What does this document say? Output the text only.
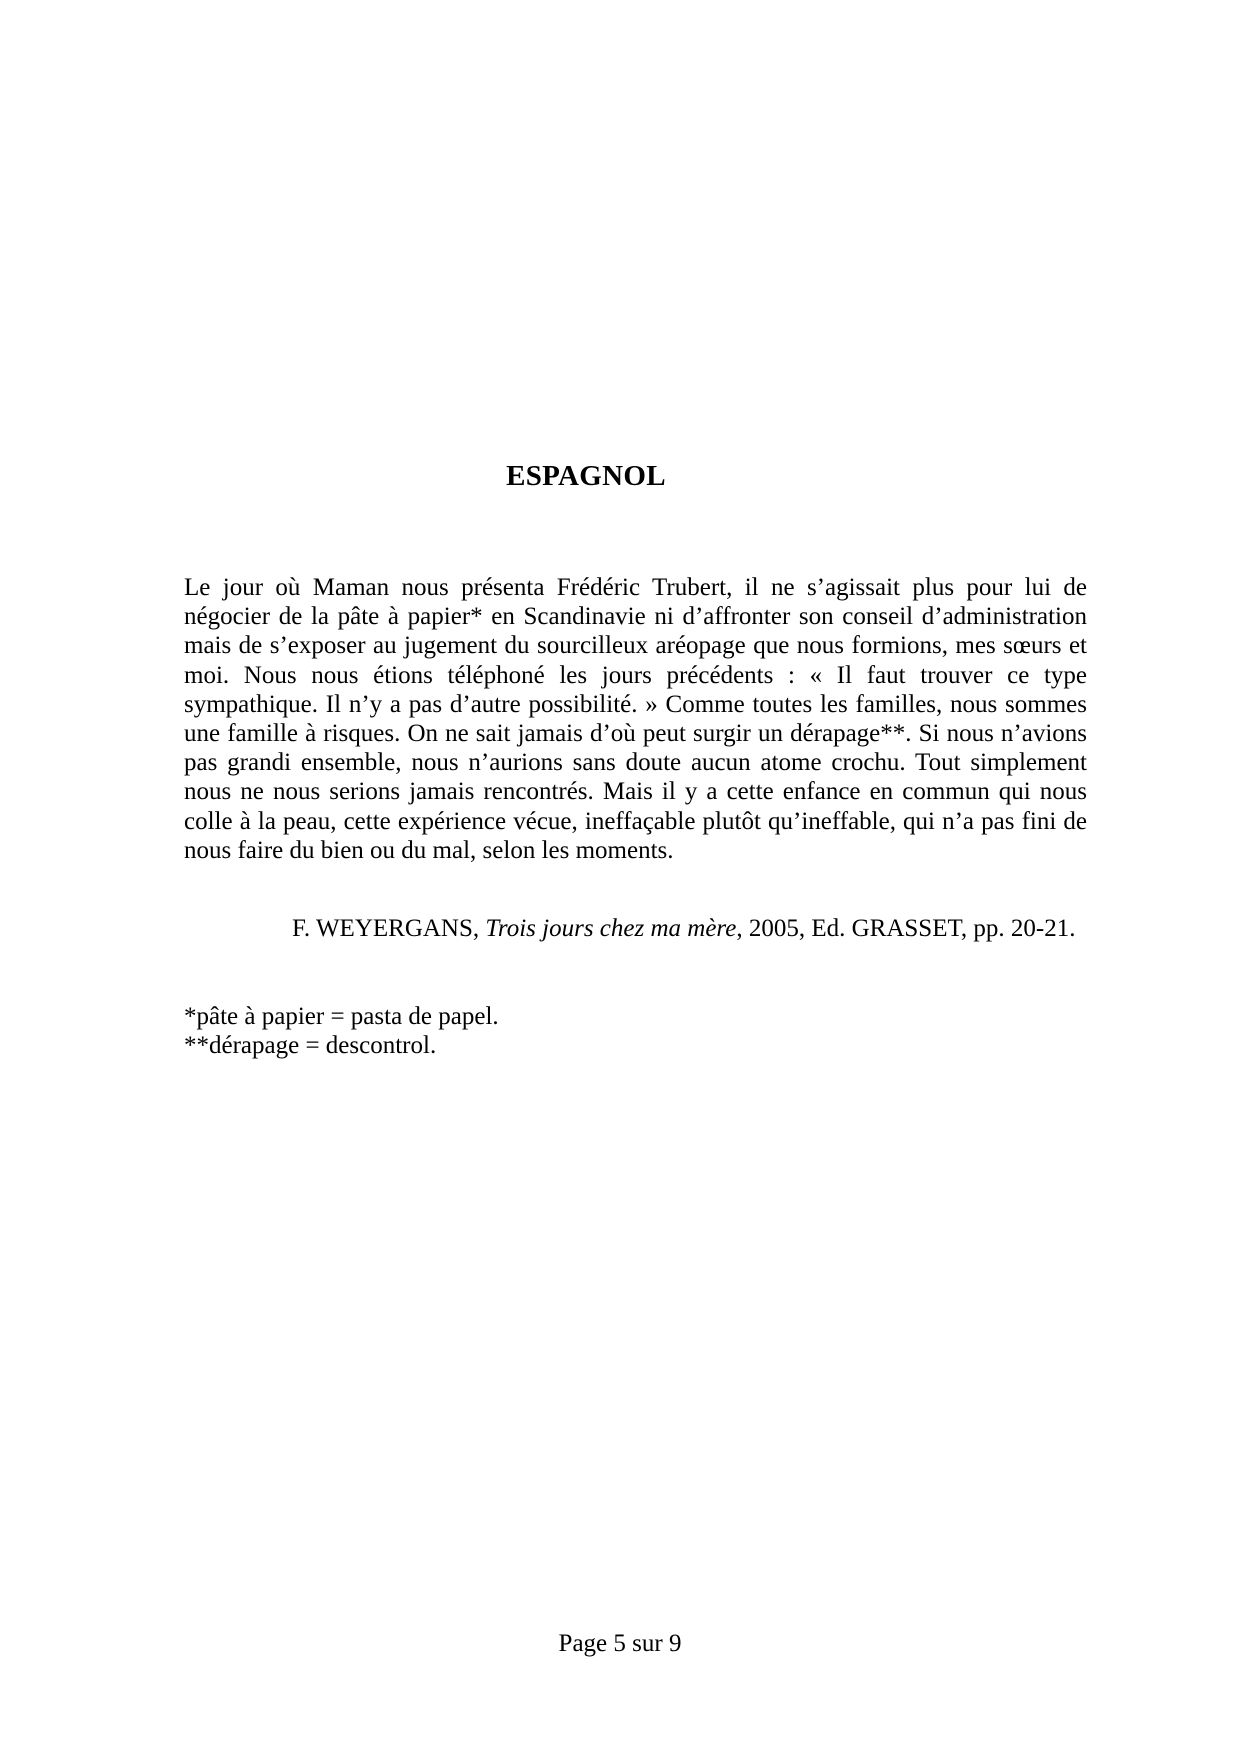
ESPAGNOL

Le jour où Maman nous présenta Frédéric Trubert, il ne s’agissait plus pour lui de négocier de la pâte à papier* en Scandinavie ni d’affronter son conseil d’administration mais de s’exposer au jugement du sourcilleux aréopage que nous formions, mes sœurs et moi. Nous nous étions téléphoné les jours précédents : « Il faut trouver ce type sympathique. Il n’y a pas d’autre possibilité. » Comme toutes les familles, nous sommes une famille à risques. On ne sait jamais d’où peut surgir un dérapage**. Si nous n’avions pas grandi ensemble, nous n’aurions sans doute aucun atome crochu. Tout simplement nous ne nous serions jamais rencontrés. Mais il y a cette enfance en commun qui nous colle à la peau, cette expérience vécue, ineffaçable plutôt qu’ineffable, qui n’a pas fini de nous faire du bien ou du mal, selon les moments.

F. WEYERGANS, Trois jours chez ma mère, 2005, Ed. GRASSET, pp. 20-21.
*pâte à papier = pasta de papel.
**dérapage = descontrol.
Page 5 sur 9
